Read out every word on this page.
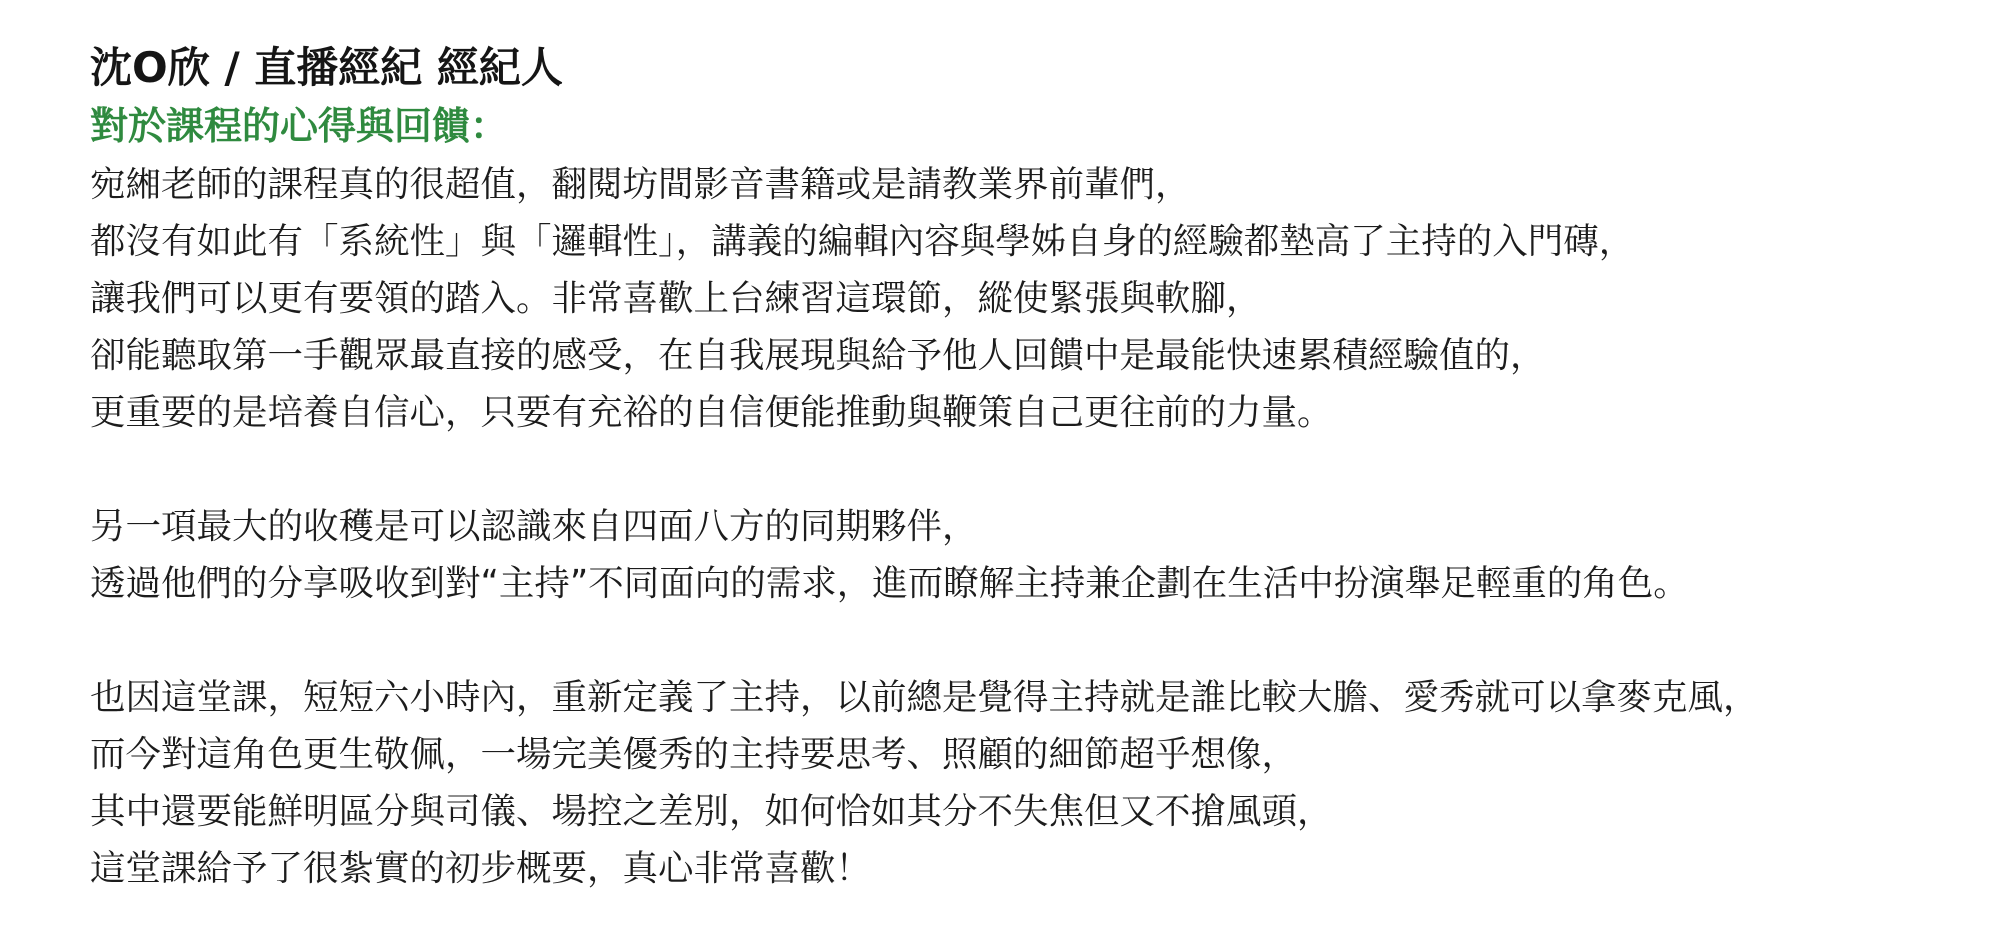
沈O欣 / 直播經紀 經紀人

對於課程的心得與回饋：

宛緗老師的課程真的很超值，翻閱坊間影音書籍或是請教業界前輩們，
都沒有如此有「系統性」與「邏輯性」，講義的編輯內容與學姊自身的經驗都墊高了主持的入門磚，
讓我們可以更有要領的踏入。非常喜歡上台練習這環節，縱使緊張與軟腳，
卻能聽取第一手觀眾最直接的感受，在自我展現與給予他人回饋中是最能快速累積經驗值的，
更重要的是培養自信心，只要有充裕的自信便能推動與鞭策自己更往前的力量。
另一項最大的收穫是可以認識來自四面八方的同期夥伴，
透過他們的分享吸收到對“主持”不同面向的需求，進而瞭解主持兼企劃在生活中扮演舉足輕重的角色。
也因這堂課，短短六小時內，重新定義了主持，以前總是覺得主持就是誰比較大膽、愛秀就可以拿麥克風，
而今對這角色更生敬佩，一場完美優秀的主持要思考、照顧的細節超乎想像，
其中還要能鮮明區分與司儀、場控之差別，如何恰如其分不失焦但又不搶風頭，
這堂課給予了很紮實的初步概要，真心非常喜歡！
